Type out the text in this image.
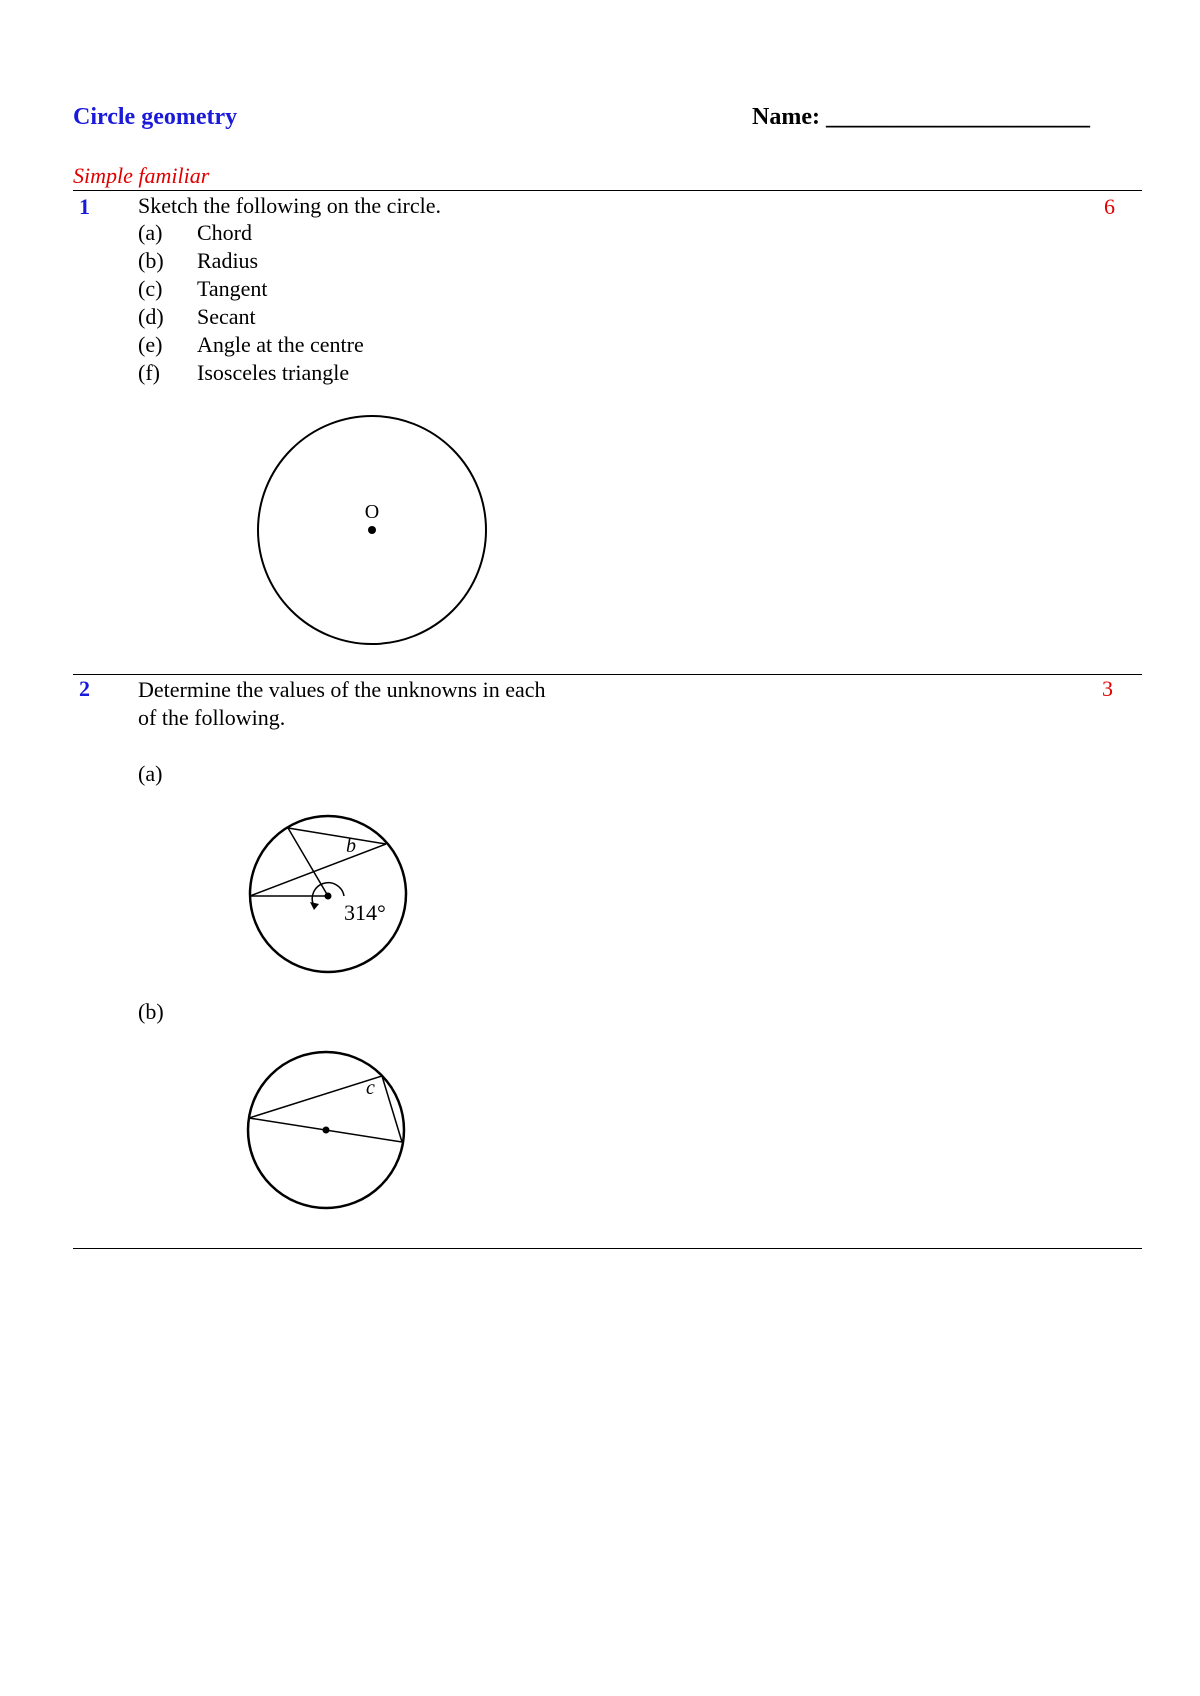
Circle geometry	Name: ______________________
Simple familiar
1 Sketch the following on the circle.	6
(a) Chord
(b) Radius
(c) Tangent
(d) Secant
(e) Angle at the centre
(f) Isosceles triangle
O
2 Determine the values of the unknowns in each
of the following.
3
(a)
b
314°
(b)
c
